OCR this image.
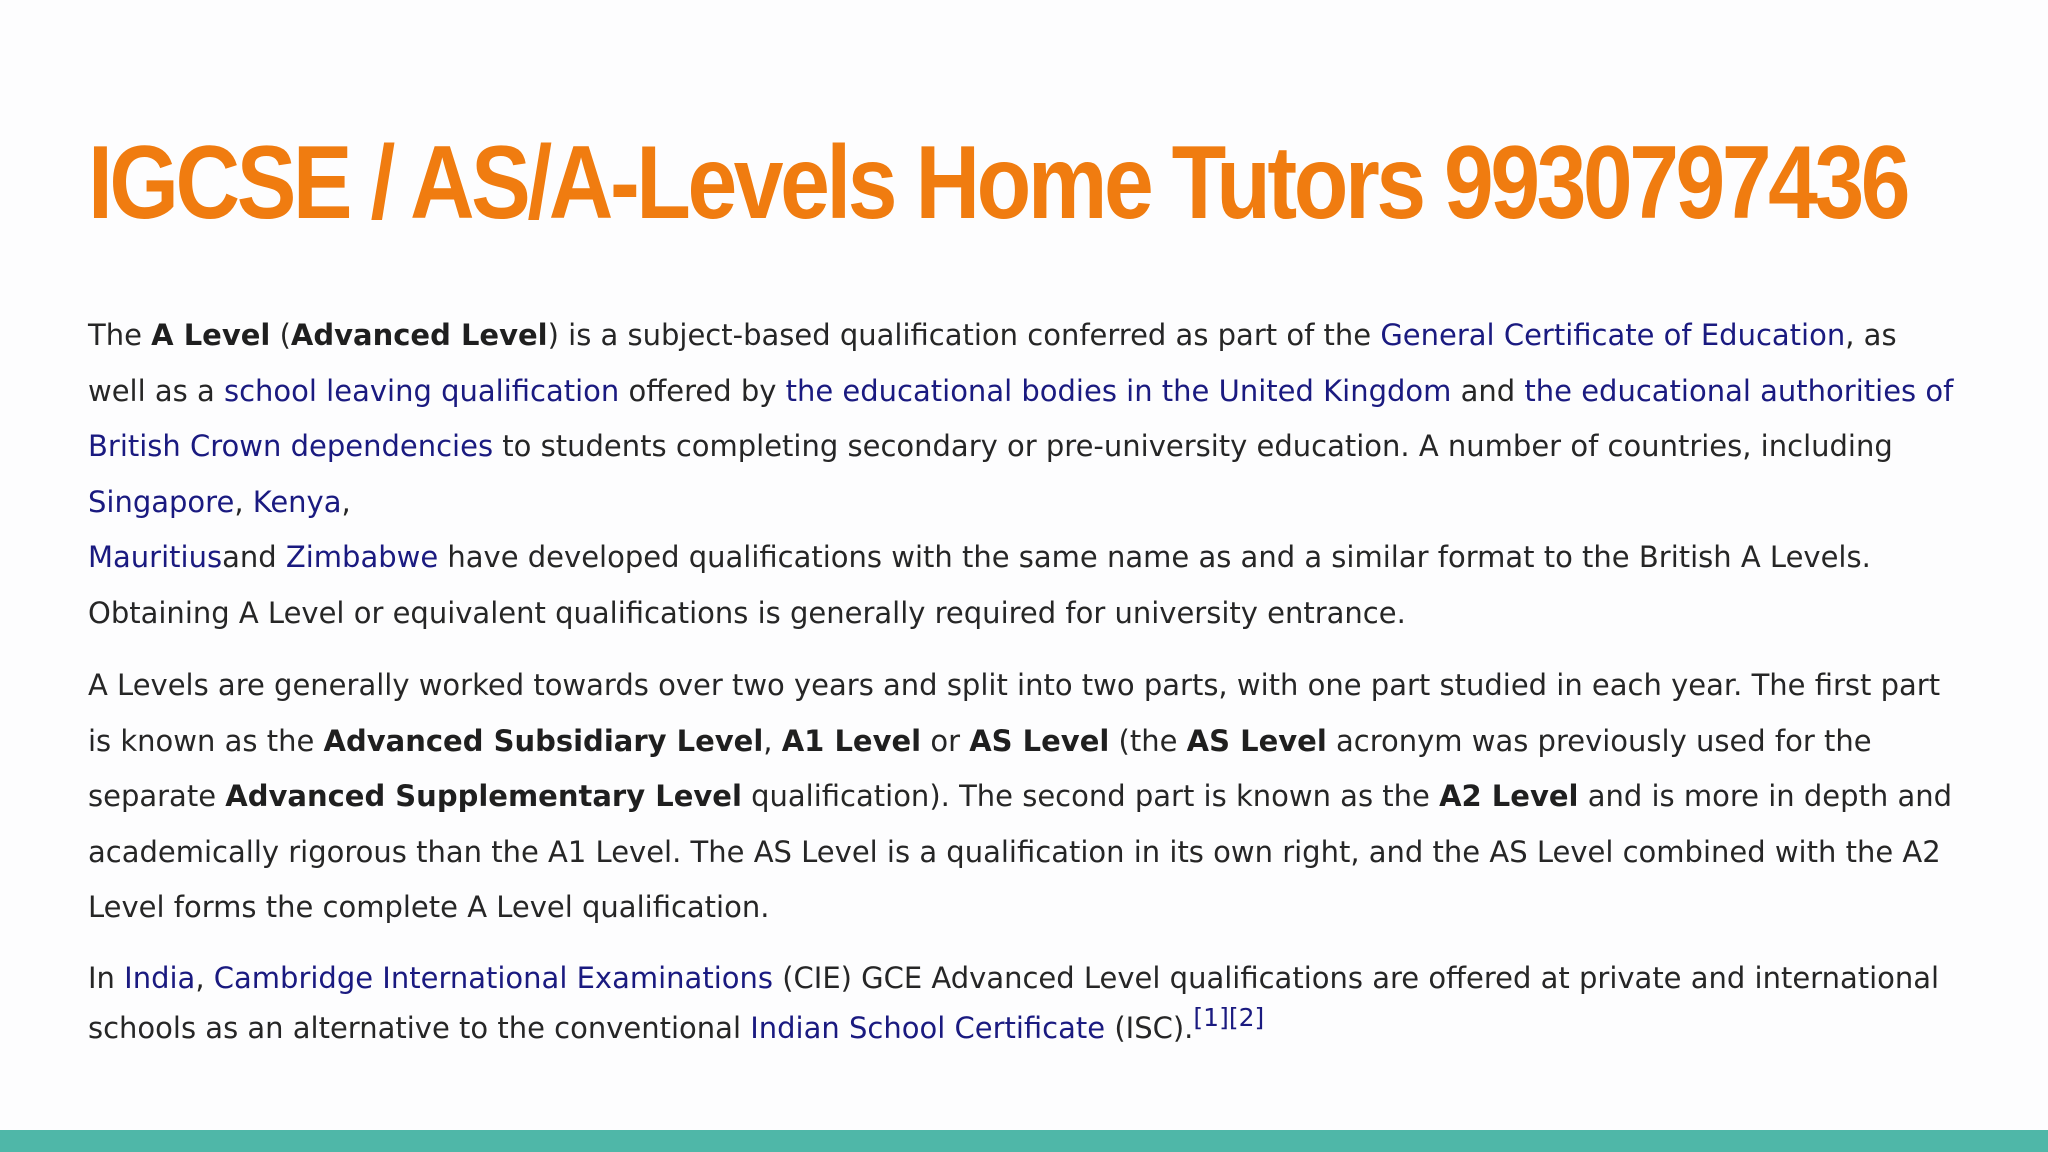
IGCSE / AS/A-Levels Home Tutors 9930797436

The A Level (Advanced Level) is a subject-based qualification conferred as part of the General Certificate of Education, as well as a school leaving qualification offered by the educational bodies in the United Kingdom and the educational authorities of British Crown dependencies to students completing secondary or pre-university education. A number of countries, including Singapore, Kenya,
Mauritiusand Zimbabwe have developed qualifications with the same name as and a similar format to the British A Levels. Obtaining A Level or equivalent qualifications is generally required for university entrance.

A Levels are generally worked towards over two years and split into two parts, with one part studied in each year. The first part is known as the Advanced Subsidiary Level, A1 Level or AS Level (the AS Level acronym was previously used for the separate Advanced Supplementary Level qualification). The second part is known as the A2 Level and is more in depth and academically rigorous than the A1 Level. The AS Level is a qualification in its own right, and the AS Level combined with the A2 Level forms the complete A Level qualification.

In India, Cambridge International Examinations (CIE) GCE Advanced Level qualifications are offered at private and international schools as an alternative to the conventional Indian School Certificate (ISC).[1][2]
